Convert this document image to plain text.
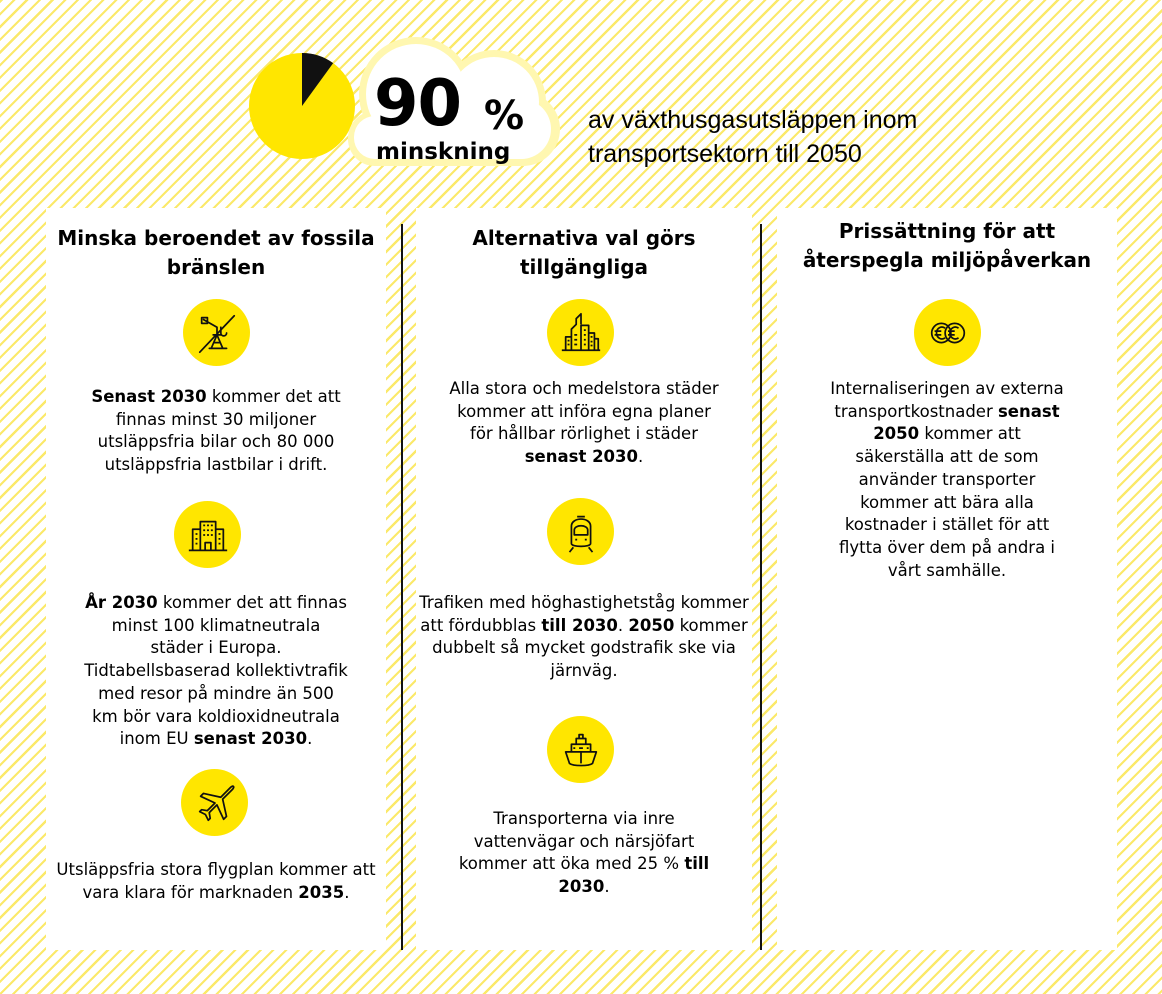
90 %
minskning
av växthusgasutsläppen inom transportsektorn till 2050
Minska beroendet av fossila bränslen
Senast 2030 kommer det att finnas minst 30 miljoner utsläppsfria bilar och 80 000 utsläppsfria lastbilar i drift.
År 2030 kommer det att finnas minst 100 klimatneutrala städer i Europa. Tidtabellsbaserad kollektivtrafik med resor på mindre än 500 km bör vara koldioxidneutrala inom EU senast 2030.
Utsläppsfria stora flygplan kommer att vara klara för marknaden 2035.
Alternativa val görs tillgängliga
Alla stora och medelstora städer kommer att införa egna planer för hållbar rörlighet i städer senast 2030.
Trafiken med höghastighetståg kommer att fördubblas till 2030. 2050 kommer dubbelt så mycket godstrafik ske via järnväg.
Transporterna via inre vattenvägar och närsjöfart kommer att öka med 25 % till 2030.
Prissättning för att återspegla miljöpåverkan
Internaliseringen av externa transportkostnader senast 2050 kommer att säkerställa att de som använder transporter kommer att bära alla kostnader i stället för att flytta över dem på andra i vårt samhälle.
